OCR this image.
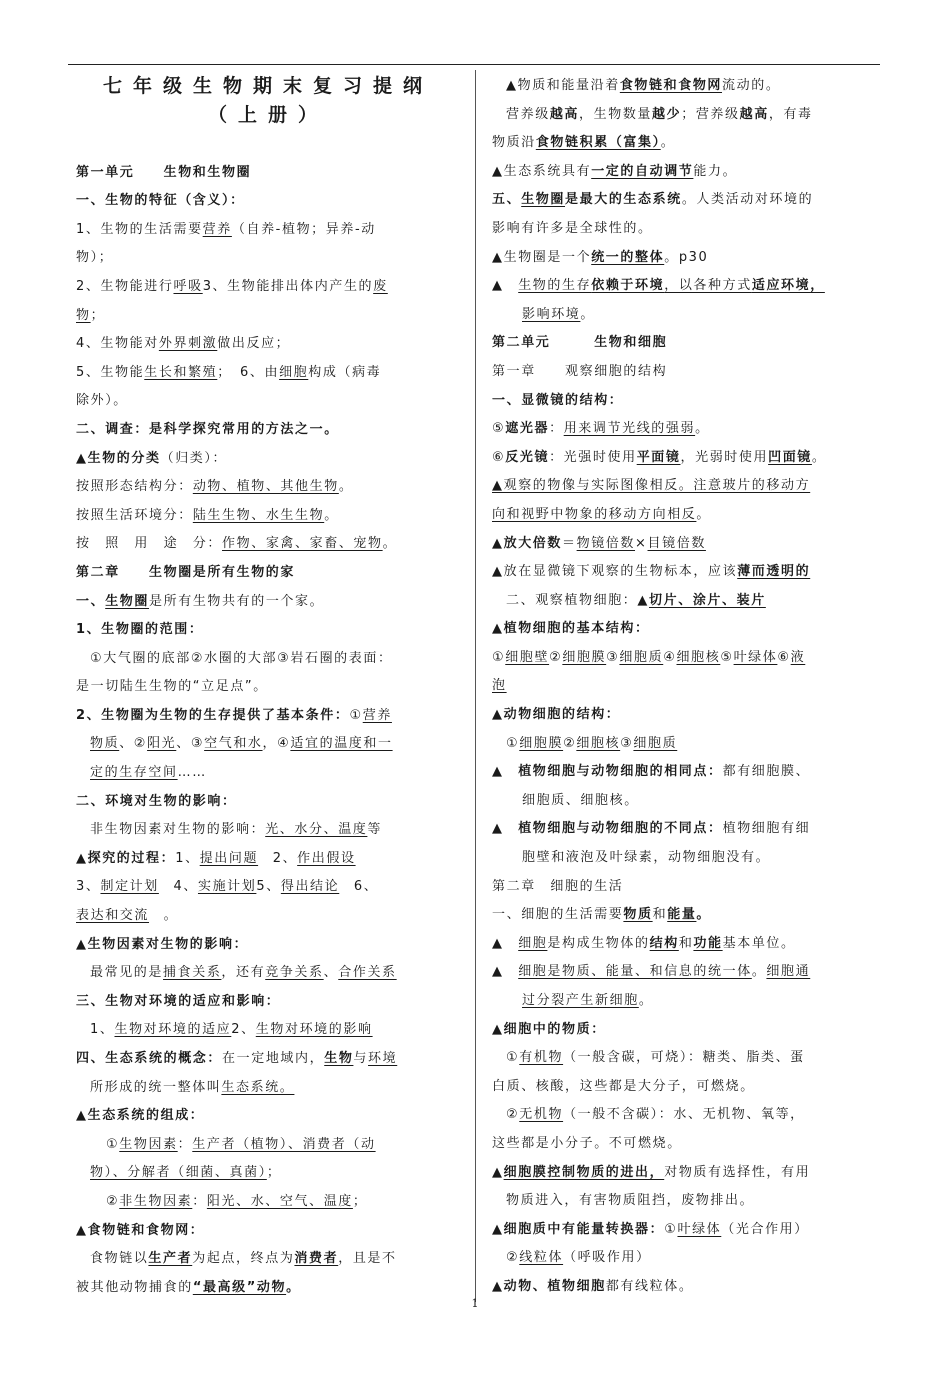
七年级生物期末复习提纲
（上册）
第一单元　　生物和生物圈
一、生物的特征（含义）：
1、生物的生活需要营养（自养-植物；异养-动
物）；
2、生物能进行呼吸3、生物能排出体内产生的废
物；
4、生物能对外界刺激做出反应；
5、生物能生长和繁殖；　6、由细胞构成（病毒
除外）。
二、调查：是科学探究常用的方法之一。
▲生物的分类（归类）：
按照形态结构分：动物、植物、其他生物。
按照生活环境分：陆生生物、水生生物。
按　照　用　途　分：作物、家禽、家畜、宠物。
第二章　　生物圈是所有生物的家
一、生物圈是所有生物共有的一个家。
1、生物圈的范围：
①大气圈的底部②水圈的大部③岩石圈的表面：
是一切陆生生物的“立足点”。
2、生物圈为生物的生存提供了基本条件：①营养
物质、②阳光、③空气和水，④适宜的温度和一
定的生存空间……
二、环境对生物的影响：
非生物因素对生物的影响：光、水分、温度等
▲探究的过程：1、提出问题　2、作出假设
3、制定计划　4、实施计划5、得出结论　6、
表达和交流　。
▲生物因素对生物的影响：
最常见的是捕食关系，还有竞争关系、合作关系
三、生物对环境的适应和影响：
1、生物对环境的适应2、生物对环境的影响
四、生态系统的概念：在一定地域内，生物与环境
所形成的统一整体叫生态系统。
▲生态系统的组成：
①生物因素：生产者（植物）、消费者（动
物）、分解者（细菌、真菌）；
②非生物因素：阳光、水、空气、温度；
▲食物链和食物网：
食物链以生产者为起点，终点为消费者，且是不
被其他动物捕食的“最高级”动物。
▲物质和能量沿着食物链和食物网流动的。
营养级越高，生物数量越少；营养级越高，有毒
物质沿食物链积累（富集）。
▲生态系统具有一定的自动调节能力。
五、生物圈是最大的生态系统。人类活动对环境的
影响有许多是全球性的。
▲生物圈是一个统一的整体。p30
▲　生物的生存依赖于环境，以各种方式适应环境，
影响环境。
第二单元　　　生物和细胞
第一章　　观察细胞的结构
一、显微镜的结构：
⑤遮光器：用来调节光线的强弱。
⑥反光镜：光强时使用平面镜，光弱时使用凹面镜。
▲观察的物像与实际图像相反。注意玻片的移动方
向和视野中物象的移动方向相反。
▲放大倍数＝物镜倍数×目镜倍数
▲放在显微镜下观察的生物标本，应该薄而透明的
二、观察植物细胞：▲切片、涂片、装片
▲植物细胞的基本结构：
①细胞壁②细胞膜③细胞质④细胞核⑤叶绿体⑥液
泡
▲动物细胞的结构：
①细胞膜②细胞核③细胞质
▲　植物细胞与动物细胞的相同点：都有细胞膜、
细胞质、细胞核。
▲　植物细胞与动物细胞的不同点：植物细胞有细
胞壁和液泡及叶绿素，动物细胞没有。
第二章　细胞的生活
一、细胞的生活需要物质和能量。
▲　细胞是构成生物体的结构和功能基本单位。
▲　细胞是物质、能量、和信息的统一体。细胞通
过分裂产生新细胞。
▲细胞中的物质：
①有机物（一般含碳，可烧）：糖类、脂类、蛋
白质、核酸，这些都是大分子，可燃烧。
②无机物（一般不含碳）：水、无机物、氧等，
这些都是小分子。不可燃烧。
▲细胞膜控制物质的进出，对物质有选择性，有用
物质进入，有害物质阻挡，废物排出。
▲细胞质中有能量转换器：①叶绿体（光合作用）
②线粒体（呼吸作用）
▲动物、植物细胞都有线粒体。
1
